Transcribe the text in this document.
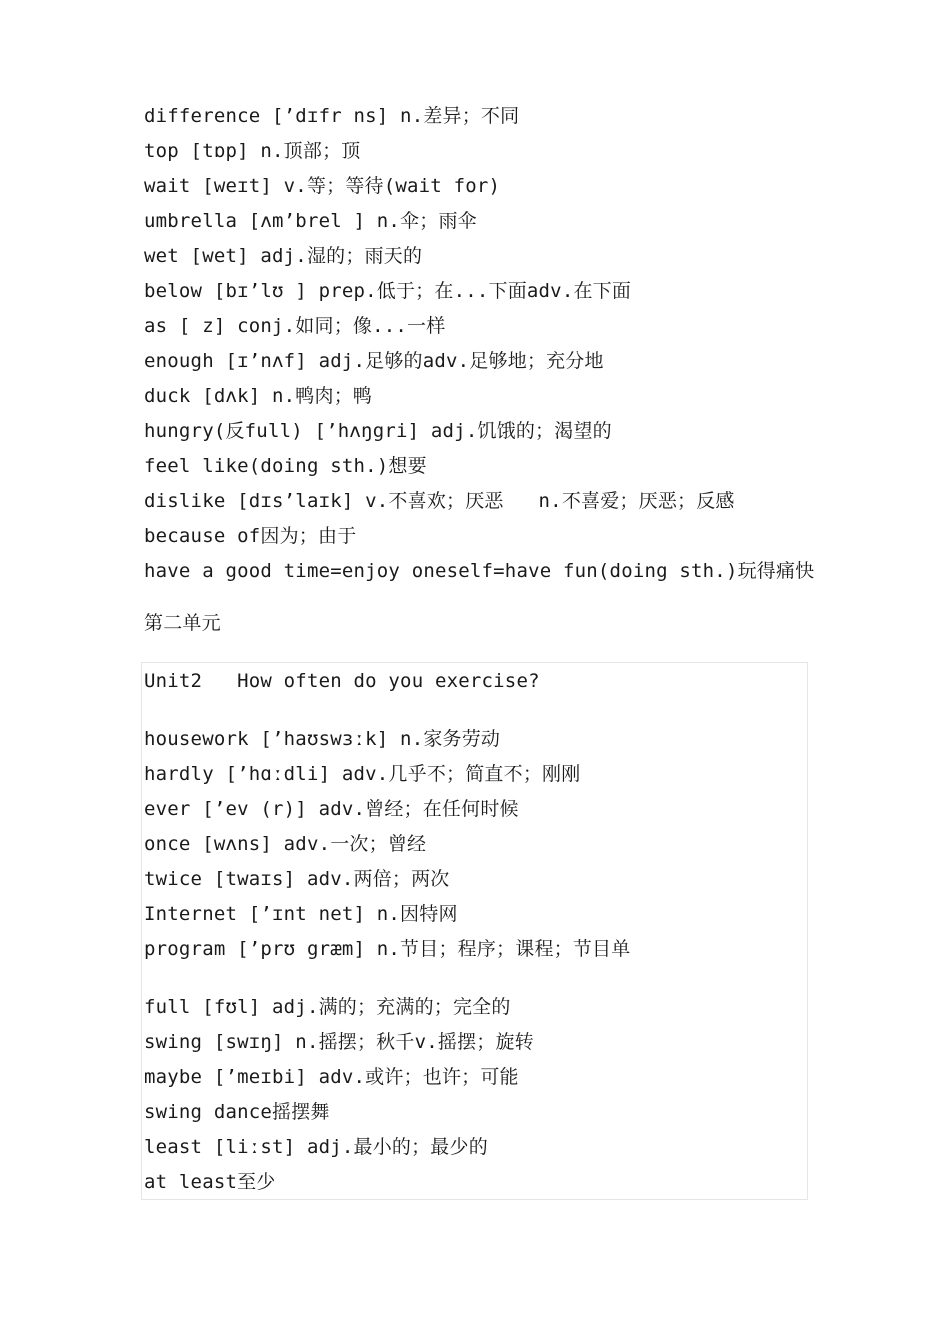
difference [’dɪfr ns] n.差异；不同
top [tɒp] n.顶部；顶
wait [weɪt] v.等；等待(wait for)
umbrella [ʌm’brel ] n.伞；雨伞
wet [wet] adj.湿的；雨天的
below [bɪ’lʊ ] prep.低于；在...下面adv.在下面
as [ z] conj.如同；像...一样
enough [ɪ’nʌf] adj.足够的adv.足够地；充分地
duck [dʌk] n.鸭肉；鸭
hungry(反full) [’hʌŋgri] adj.饥饿的；渴望的
feel like(doing sth.)想要
dislike [dɪs’laɪk] v.不喜欢；厌恶   n.不喜爱；厌恶；反感
because of因为；由于
have a good time=enjoy oneself=have fun(doing sth.)玩得痛快
第二单元
Unit2   How often do you exercise?
housework [’haʊswɜːk] n.家务劳动
hardly [’hɑːdli] adv.几乎不；简直不；刚刚
ever [’ev (r)] adv.曾经；在任何时候
once [wʌns] adv.一次；曾经
twice [twaɪs] adv.两倍；两次
Internet [’ɪnt net] n.因特网
program [’prʊ græm] n.节目；程序；课程；节目单
full [fʊl] adj.满的；充满的；完全的
swing [swɪŋ] n.摇摆；秋千v.摇摆；旋转
maybe [’meɪbi] adv.或许；也许；可能
swing dance摇摆舞
least [liːst] adj.最小的；最少的
at least至少
